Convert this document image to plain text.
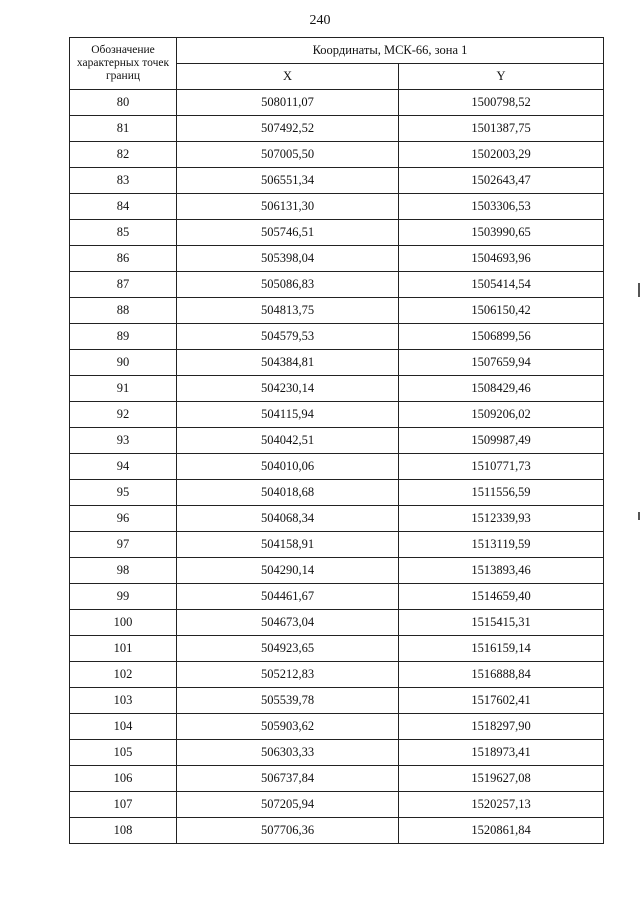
240
Обозначение характерных точек границ	Координаты, МСК-66, зона 1	
	X	Y
80	508011,07	1500798,52
81	507492,52	1501387,75
82	507005,50	1502003,29
83	506551,34	1502643,47
84	506131,30	1503306,53
85	505746,51	1503990,65
86	505398,04	1504693,96
87	505086,83	1505414,54
88	504813,75	1506150,42
89	504579,53	1506899,56
90	504384,81	1507659,94
91	504230,14	1508429,46
92	504115,94	1509206,02
93	504042,51	1509987,49
94	504010,06	1510771,73
95	504018,68	1511556,59
96	504068,34	1512339,93
97	504158,91	1513119,59
98	504290,14	1513893,46
99	504461,67	1514659,40
100	504673,04	1515415,31
101	504923,65	1516159,14
102	505212,83	1516888,84
103	505539,78	1517602,41
104	505903,62	1518297,90
105	506303,33	1518973,41
106	506737,84	1519627,08
107	507205,94	1520257,13
108	507706,36	1520861,84
